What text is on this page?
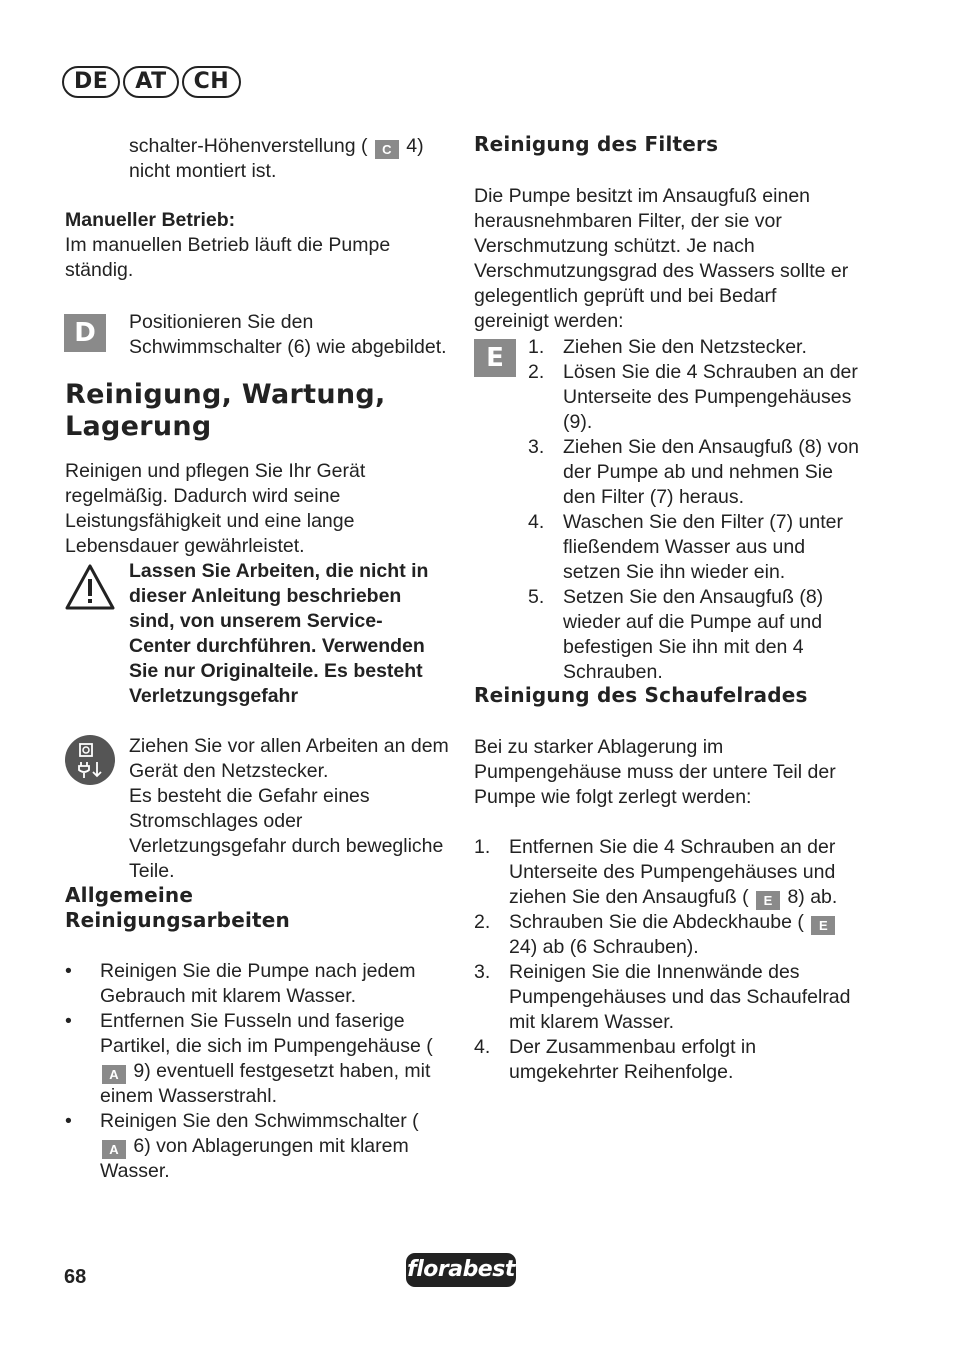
DE	AT	CH

schalter-Höhenverstellung ( C 4) nicht montiert ist.

Manueller Betrieb:

Im manuellen Betrieb läuft die Pumpe ständig.

D	Positionieren Sie den Schwimmschalter (6) wie abgebildet.

Reinigung, Wartung, Lagerung

Reinigen und pflegen Sie Ihr Gerät regelmäßig. Dadurch wird seine Leistungsfähigkeit und eine lange Lebensdauer gewährleistet.

Lassen Sie Arbeiten, die nicht in dieser Anleitung beschrieben sind, von unserem Service-Center durchführen. Verwenden Sie nur Originalteile. Es besteht Verletzungsgefahr

Ziehen Sie vor allen Arbeiten an dem Gerät den Netzstecker.

Es besteht die Gefahr eines Stromschlages oder Verletzungsgefahr durch bewegliche Teile.

Allgemeine Reinigungsarbeiten
• Reinigen Sie die Pumpe nach jedem Gebrauch mit klarem Wasser.
• Entfernen Sie Fusseln und faserige Partikel, die sich im Pumpengehäuse ( A 9) eventuell festgesetzt haben, mit einem Wasserstrahl.
• Reinigen Sie den Schwimmschalter ( A 6) von Ablagerungen mit klarem Wasser.
Reinigung des Filters

Die Pumpe besitzt im Ansaugfuß einen herausnehmbaren Filter, der sie vor Verschmutzung schützt. Je nach Verschmutzungsgrad des Wassers sollte er gelegentlich geprüft und bei Bedarf gereinigt werden:

E	1. Ziehen Sie den Netzstecker.
2. Lösen Sie die 4 Schrauben an der Unterseite des Pumpengehäuses (9).
3. Ziehen Sie den Ansaugfuß (8) von der Pumpe ab und nehmen Sie den Filter (7) heraus.
4. Waschen Sie den Filter (7) unter fließendem Wasser aus und setzen Sie ihn wieder ein.
5. Setzen Sie den Ansaugfuß (8) wieder auf die Pumpe auf und befestigen Sie ihn mit den 4 Schrauben.
Reinigung des Schaufelrades

Bei zu starker Ablagerung im Pumpengehäuse muss der untere Teil der Pumpe wie folgt zerlegt werden:

1. Entfernen Sie die 4 Schrauben an der Unterseite des Pumpengehäuses und ziehen Sie den Ansaugfuß ( E 8) ab.
2. Schrauben Sie die Abdeckhaube ( E 24) ab (6 Schrauben).
3. Reinigen Sie die Innenwände des Pumpengehäuses und das Schaufelrad mit klarem Wasser.
4. Der Zusammenbau erfolgt in umgekehrter Reihenfolge.
68	florabest
